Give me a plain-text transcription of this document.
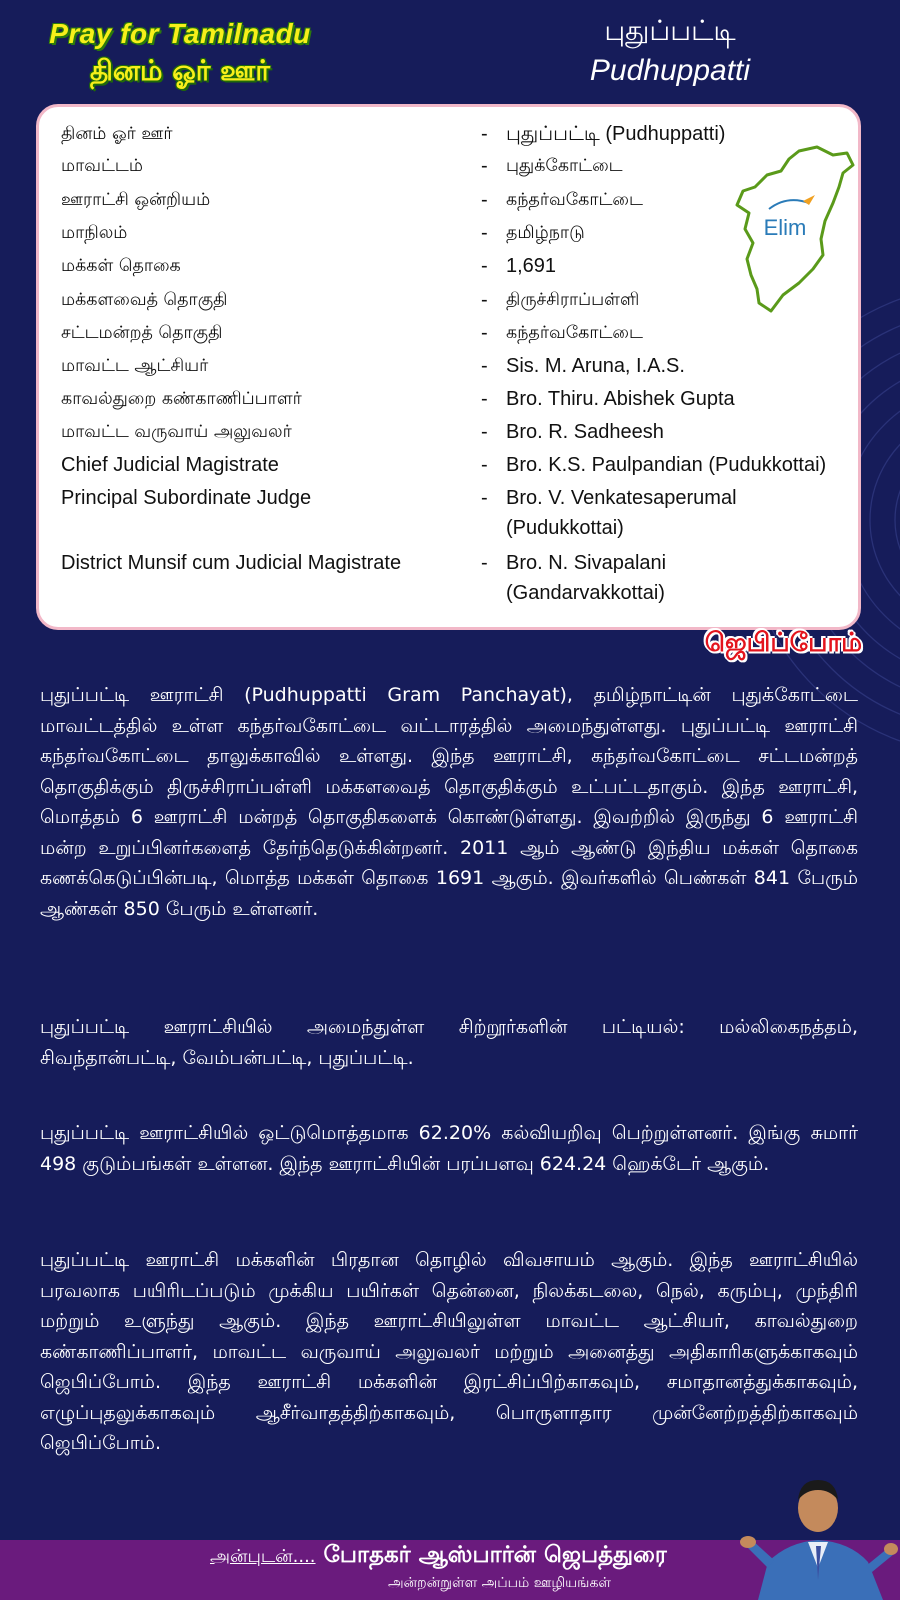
Pray for Tamilnadu
தினம் ஓர் ஊர்
புதுப்பட்டி
Pudhuppatti
தினம் ஓர் ஊர்	- புதுப்பட்டி (Pudhuppatti)
மாவட்டம்	- புதுக்கோட்டை
ஊராட்சி ஒன்றியம்	- கந்தர்வகோட்டை
மாநிலம்	- தமிழ்நாடு
மக்கள் தொகை	- 1,691
மக்களவைத் தொகுதி	- திருச்சிராப்பள்ளி
சட்டமன்றத் தொகுதி	- கந்தர்வகோட்டை
மாவட்ட ஆட்சியர்	- Sis. M. Aruna, I.A.S.
காவல்துறை கண்காணிப்பாளர்	- Bro. Thiru. Abishek Gupta
மாவட்ட வருவாய் அலுவலர்	- Bro. R. Sadheesh
Chief Judicial Magistrate	- Bro. K.S. Paulpandian (Pudukkottai)
Principal Subordinate Judge	- Bro. V. Venkatesaperumal
(Pudukkottai)
District Munsif cum Judicial Magistrate	- Bro. N. Sivapalani
(Gandarvakkottai)
Elim
ஜெபிப்போம்
புதுப்பட்டி ஊராட்சி (Pudhuppatti Gram Panchayat), தமிழ்நாட்டின் புதுக்கோட்டை மாவட்டத்தில் உள்ள கந்தர்வகோட்டை வட்டாரத்தில் அமைந்துள்ளது. புதுப்பட்டி ஊராட்சி கந்தர்வகோட்டை தாலுக்காவில் உள்ளது. இந்த ஊராட்சி, கந்தர்வகோட்டை சட்டமன்றத் தொகுதிக்கும் திருச்சிராப்பள்ளி மக்களவைத் தொகுதிக்கும் உட்பட்டதாகும். இந்த ஊராட்சி, மொத்தம் 6 ஊராட்சி மன்றத் தொகுதிகளைக் கொண்டுள்ளது. இவற்றில் இருந்து 6 ஊராட்சி மன்ற உறுப்பினர்களைத் தேர்ந்தெடுக்கின்றனர். 2011 ஆம் ஆண்டு இந்திய மக்கள் தொகை கணக்கெடுப்பின்படி, மொத்த மக்கள் தொகை 1691 ஆகும். இவர்களில் பெண்கள் 841 பேரும் ஆண்கள் 850 பேரும் உள்ளனர்.
புதுப்பட்டி ஊராட்சியில் அமைந்துள்ள சிற்றூர்களின் பட்டியல்: மல்லிகைநத்தம், சிவந்தான்பட்டி, வேம்பன்பட்டி, புதுப்பட்டி.
புதுப்பட்டி ஊராட்சியில் ஒட்டுமொத்தமாக 62.20% கல்வியறிவு பெற்றுள்ளனர். இங்கு சுமார் 498 குடும்பங்கள் உள்ளன. இந்த ஊராட்சியின் பரப்பளவு 624.24 ஹெக்டேர் ஆகும்.
புதுப்பட்டி ஊராட்சி மக்களின் பிரதான தொழில் விவசாயம் ஆகும். இந்த ஊராட்சியில் பரவலாக பயிரிடப்படும் முக்கிய பயிர்கள் தென்னை, நிலக்கடலை, நெல், கரும்பு, முந்திரி மற்றும் உளுந்து ஆகும். இந்த ஊராட்சியிலுள்ள மாவட்ட ஆட்சியர், காவல்துறை கண்காணிப்பாளர், மாவட்ட வருவாய் அலுவலர் மற்றும் அனைத்து அதிகாரிகளுக்காகவும் ஜெபிப்போம். இந்த ஊராட்சி மக்களின் இரட்சிப்பிற்காகவும், சமாதானத்துக்காகவும், எழுப்புதலுக்காகவும் ஆசீர்வாதத்திற்காகவும், பொருளாதார முன்னேற்றத்திற்காகவும் ஜெபிப்போம்.
அன்புடன்.... போதகர் ஆஸ்பார்ன் ஜெபத்துரை
அன்றன்றுள்ள அப்பம் ஊழியங்கள்
